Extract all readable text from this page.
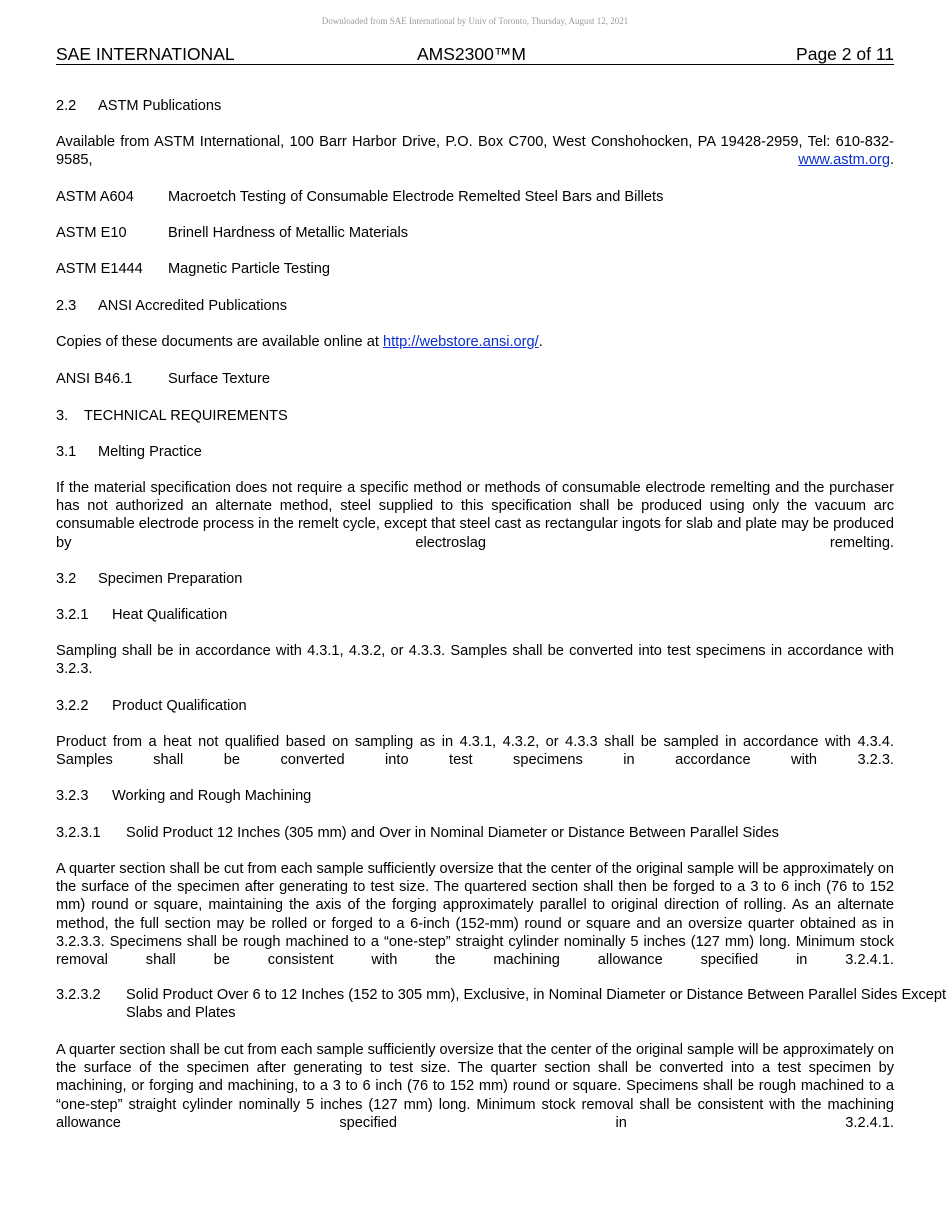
Downloaded from SAE International by Univ of Toronto, Thursday, August 12, 2021
SAE INTERNATIONAL	AMS2300™M	Page 2 of 11
2.2 ASTM Publications
Available from ASTM International, 100 Barr Harbor Drive, P.O. Box C700, West Conshohocken, PA 19428-2959, Tel: 610-832-9585, www.astm.org.
ASTM A604 Macroetch Testing of Consumable Electrode Remelted Steel Bars and Billets
ASTM E10	Brinell Hardness of Metallic Materials
ASTM E1444 Magnetic Particle Testing
2.3 ANSI Accredited Publications
Copies of these documents are available online at http://webstore.ansi.org/.
ANSI B46.1 Surface Texture
3. TECHNICAL REQUIREMENTS
3.1 Melting Practice
If the material specification does not require a specific method or methods of consumable electrode remelting and the purchaser has not authorized an alternate method, steel supplied to this specification shall be produced using only the vacuum arc consumable electrode process in the remelt cycle, except that steel cast as rectangular ingots for slab and plate may be produced by electroslag remelting.
3.2 Specimen Preparation
3.2.1 Heat Qualification
Sampling shall be in accordance with 4.3.1, 4.3.2, or 4.3.3. Samples shall be converted into test specimens in accordance with 3.2.3.
3.2.2 Product Qualification
Product from a heat not qualified based on sampling as in 4.3.1, 4.3.2, or 4.3.3 shall be sampled in accordance with 4.3.4. Samples shall be converted into test specimens in accordance with 3.2.3.
3.2.3 Working and Rough Machining
3.2.3.1 Solid Product 12 Inches (305 mm) and Over in Nominal Diameter or Distance Between Parallel Sides
A quarter section shall be cut from each sample sufficiently oversize that the center of the original sample will be approximately on the surface of the specimen after generating to test size. The quartered section shall then be forged to a 3 to 6 inch (76 to 152 mm) round or square, maintaining the axis of the forging approximately parallel to original direction of rolling. As an alternate method, the full section may be rolled or forged to a 6-inch (152-mm) round or square and an oversize quarter obtained as in 3.2.3.3. Specimens shall be rough machined to a “one-step” straight cylinder nominally 5 inches (127 mm) long. Minimum stock removal shall be consistent with the machining allowance specified in 3.2.4.1.
3.2.3.2 Solid Product Over 6 to 12 Inches (152 to 305 mm), Exclusive, in Nominal Diameter or Distance Between Parallel Sides Except Slabs and Plates
A quarter section shall be cut from each sample sufficiently oversize that the center of the original sample will be approximately on the surface of the specimen after generating to test size. The quarter section shall be converted into a test specimen by machining, or forging and machining, to a 3 to 6 inch (76 to 152 mm) round or square. Specimens shall be rough machined to a “one-step” straight cylinder nominally 5 inches (127 mm) long. Minimum stock removal shall be consistent with the machining allowance specified in 3.2.4.1.
